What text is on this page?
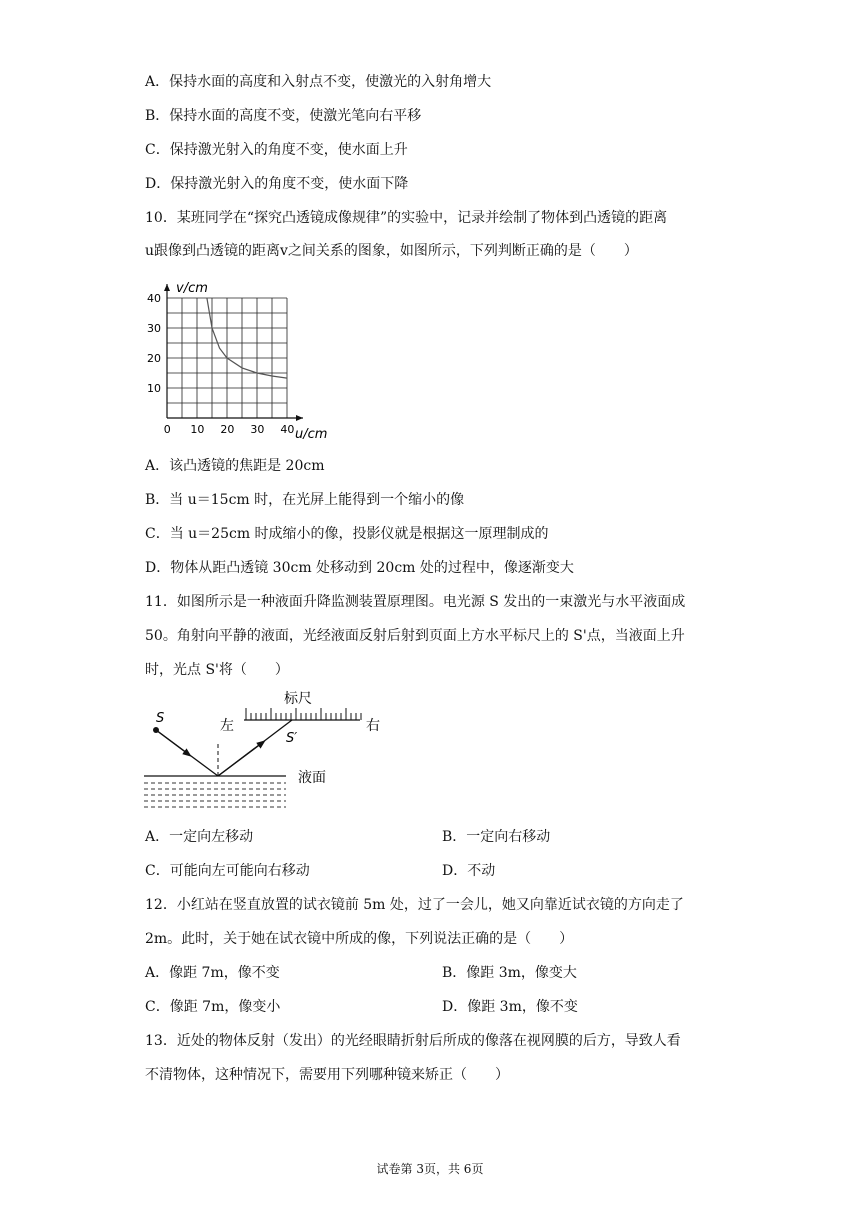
A．保持水面的高度和入射点不变，使激光的入射角增大
B．保持水面的高度不变，使激光笔向右平移
C．保持激光射入的角度不变，使水面上升
D．保持激光射入的角度不变，使水面下降
10．某班同学在“探究凸透镜成像规律”的实验中，记录并绘制了物体到凸透镜的距离
u跟像到凸透镜的距离v之间关系的图象，如图所示，下列判断正确的是（　　）
v/cm
u/cm
10
20
30
40
0 10 20 30 40
A．该凸透镜的焦距是 20cm
B．当 u＝15cm 时，在光屏上能得到一个缩小的像
C．当 u＝25cm 时成缩小的像，投影仪就是根据这一原理制成的
D．物体从距凸透镜 30cm 处移动到 20cm 处的过程中，像逐渐变大
11．如图所示是一种液面升降监测装置原理图。电光源 S 发出的一束激光与水平液面成
50。角射向平静的液面，光经液面反射后射到页面上方水平标尺上的 S'点，当液面上升
时，光点 S'将（　　）
S
标尺
左	右
S′
液面
A．一定向左移动	B．一定向右移动
C．可能向左可能向右移动	D．不动
12．小红站在竖直放置的试衣镜前 5m 处，过了一会儿，她又向靠近试衣镜的方向走了
2m。此时，关于她在试衣镜中所成的像，下列说法正确的是（　　）
A．像距 7m，像不变	B．像距 3m，像变大
C．像距 7m，像变小	D．像距 3m，像不变
13．近处的物体反射（发出）的光经眼睛折射后所成的像落在视网膜的后方，导致人看
不清物体，这种情况下，需要用下列哪种镜来矫正（　　）
试卷第 3页，共 6页
